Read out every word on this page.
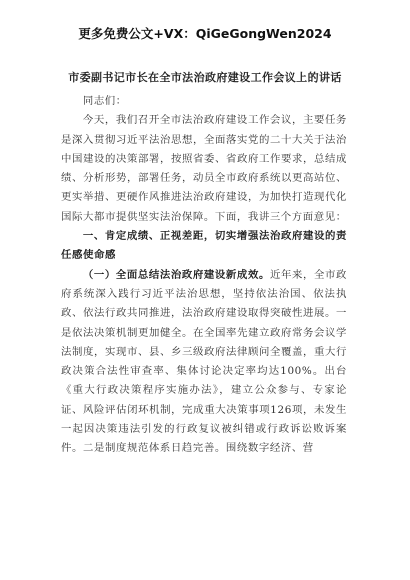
更多免费公文+VX：QiGeGongWen2024
市委副书记市长在全市法治政府建设工作会议上的讲话

同志们：

今天，我们召开全市法治政府建设工作会议，主要任务是深入贯彻习近平法治思想，全面落实党的二十大关于法治中国建设的决策部署，按照省委、省政府工作要求，总结成绩、分析形势，部署任务，动员全市政府系统以更高站位、更实举措、更硬作风推进法治政府建设，为加快打造现代化国际大都市提供坚实法治保障。下面，我讲三个方面意见：

一、肯定成绩、正视差距，切实增强法治政府建设的责任感使命感

（一）全面总结法治政府建设新成效。近年来，全市政府系统深入践行习近平法治思想，坚持依法治国、依法执政、依法行政共同推进，法治政府建设取得突破性进展。一是依法决策机制更加健全。在全国率先建立政府常务会议学法制度，实现市、县、乡三级政府法律顾问全覆盖，重大行政决策合法性审查率、集体讨论决定率均达100%。出台《重大行政决策程序实施办法》，建立公众参与、专家论证、风险评估闭环机制，完成重大决策事项126项，未发生一起因决策违法引发的行政复议被纠错或行政诉讼败诉案件。二是制度规范体系日趋完善。围绕数字经济、营
